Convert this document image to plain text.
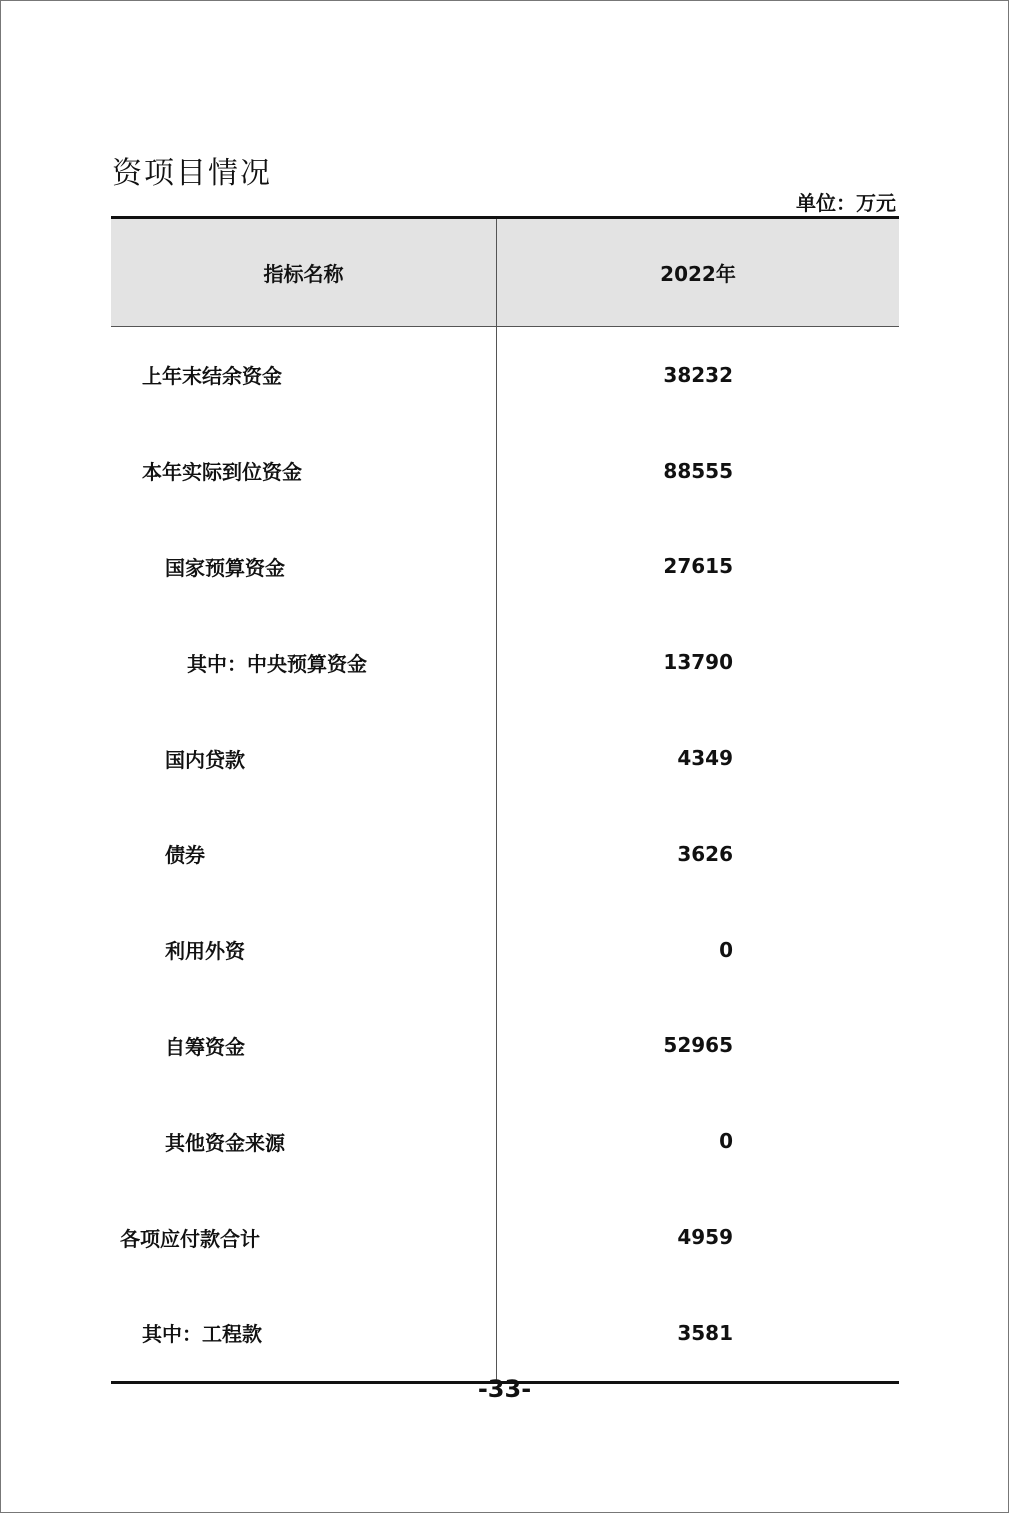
资项目情况
单位：万元
指标名称	2022年
上年末结余资金	38232
本年实际到位资金	88555
国家预算资金	27615
其中：中央预算资金	13790
国内贷款	4349
债券	3626
利用外资	0
自筹资金	52965
其他资金来源	0
各项应付款合计	4959
其中：工程款	3581
-33-
